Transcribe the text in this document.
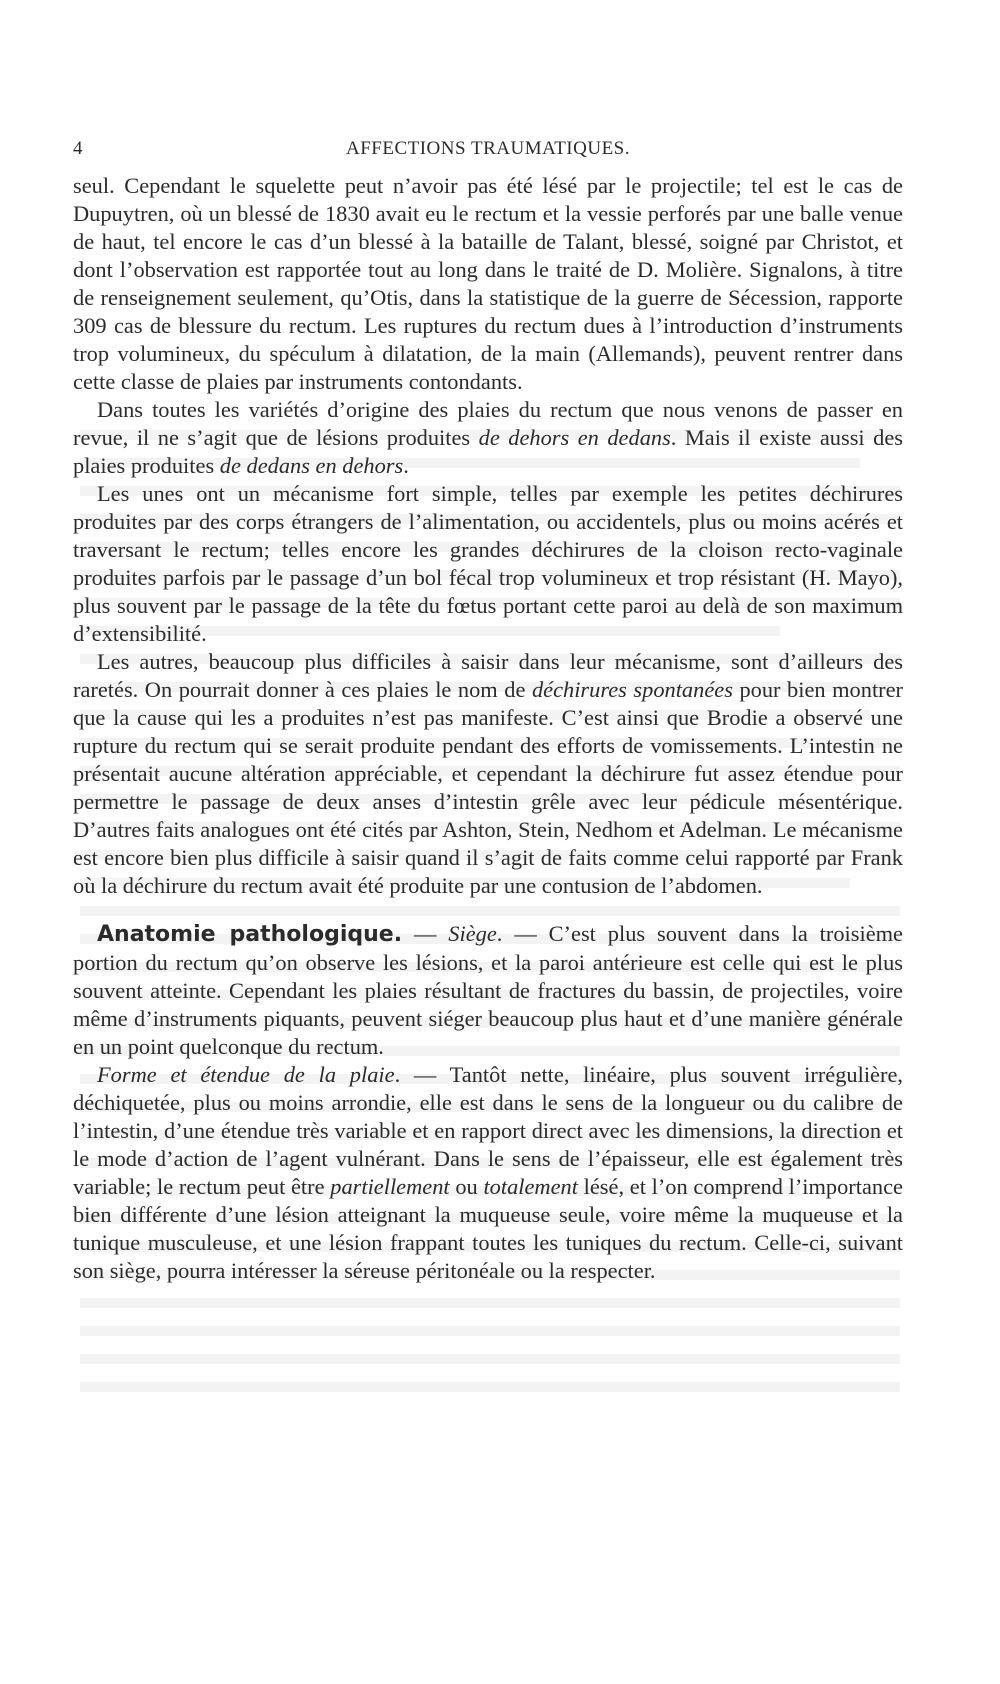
4	AFFECTIONS TRAUMATIQUES.

seul. Cependant le squelette peut n’avoir pas été lésé par le projectile; tel est le cas de Dupuytren, où un blessé de 1830 avait eu le rectum et la vessie perforés par une balle venue de haut, tel encore le cas d’un blessé à la bataille de Talant, blessé, soigné par Christot, et dont l’observation est rapportée tout au long dans le traité de D. Molière. Signalons, à titre de renseignement seulement, qu’Otis, dans la statistique de la guerre de Sécession, rapporte 309 cas de blessure du rectum. Les ruptures du rectum dues à l’introduction d’instruments trop volumineux, du spéculum à dilatation, de la main (Allemands), peuvent rentrer dans cette classe de plaies par instruments contondants.

Dans toutes les variétés d’origine des plaies du rectum que nous venons de passer en revue, il ne s’agit que de lésions produites de dehors en dedans. Mais il existe aussi des plaies produites de dedans en dehors.

Les unes ont un mécanisme fort simple, telles par exemple les petites déchirures produites par des corps étrangers de l’alimentation, ou accidentels, plus ou moins acérés et traversant le rectum; telles encore les grandes déchirures de la cloison recto-vaginale produites parfois par le passage d’un bol fécal trop volumineux et trop résistant (H. Mayo), plus souvent par le passage de la tête du fœtus portant cette paroi au delà de son maximum d’extensibilité.

Les autres, beaucoup plus difficiles à saisir dans leur mécanisme, sont d’ailleurs des raretés. On pourrait donner à ces plaies le nom de déchirures spontanées pour bien montrer que la cause qui les a produites n’est pas manifeste. C’est ainsi que Brodie a observé une rupture du rectum qui se serait produite pendant des efforts de vomissements. L’intestin ne présentait aucune altération appréciable, et cependant la déchirure fut assez étendue pour permettre le passage de deux anses d’intestin grêle avec leur pédicule mésentérique. D’autres faits analogues ont été cités par Ashton, Stein, Nedhom et Adelman. Le mécanisme est encore bien plus difficile à saisir quand il s’agit de faits comme celui rapporté par Frank où la déchirure du rectum avait été produite par une contusion de l’abdomen.

Anatomie pathologique. — Siège. — C’est plus souvent dans la troisième portion du rectum qu’on observe les lésions, et la paroi antérieure est celle qui est le plus souvent atteinte. Cependant les plaies résultant de fractures du bassin, de projectiles, voire même d’instruments piquants, peuvent siéger beaucoup plus haut et d’une manière générale en un point quelconque du rectum.

Forme et étendue de la plaie. — Tantôt nette, linéaire, plus souvent irrégulière, déchiquetée, plus ou moins arrondie, elle est dans le sens de la longueur ou du calibre de l’intestin, d’une étendue très variable et en rapport direct avec les dimensions, la direction et le mode d’action de l’agent vulnérant. Dans le sens de l’épaisseur, elle est également très variable; le rectum peut être partiellement ou totalement lésé, et l’on comprend l’importance bien différente d’une lésion atteignant la muqueuse seule, voire même la muqueuse et la tunique musculeuse, et une lésion frappant toutes les tuniques du rectum. Celle-ci, suivant son siège, pourra intéresser la séreuse péritonéale ou la respecter.
